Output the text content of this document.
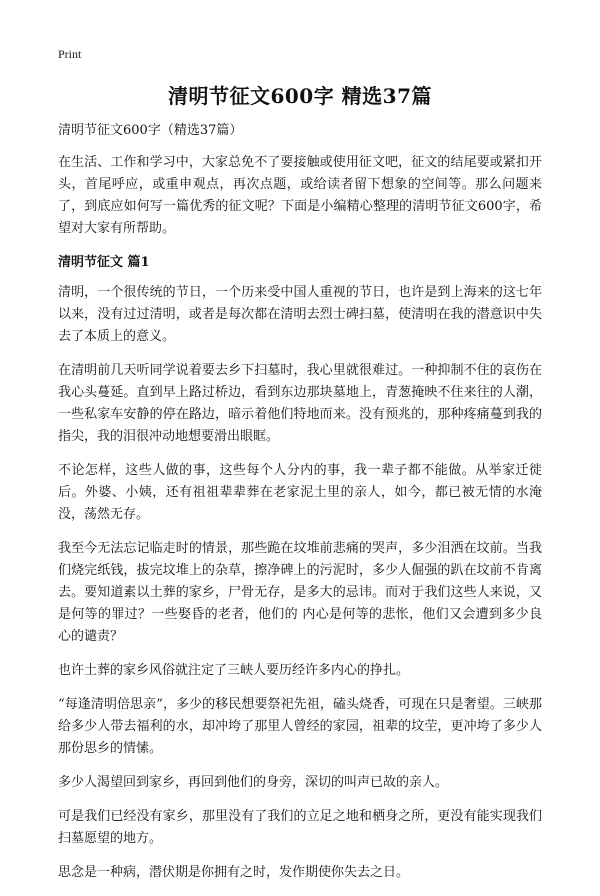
Print
清明节征文600字 精选37篇

清明节征文600字（精选37篇）

在生活、工作和学习中，大家总免不了要接触或使用征文吧，征文的结尾要或紧扣开头，首尾呼应，或重申观点，再次点题，或给读者留下想象的空间等。那么问题来了，到底应如何写一篇优秀的征文呢？下面是小编精心整理的清明节征文600字，希望对大家有所帮助。

清明节征文 篇1

清明，一个很传统的节日，一个历来受中国人重视的节日，也许是到上海来的这七年以来，没有过过清明，或者是每次都在清明去烈士碑扫墓，使清明在我的潜意识中失去了本质上的意义。

在清明前几天听同学说着要去乡下扫墓时，我心里就很难过。一种抑制不住的哀伤在我心头蔓延。直到早上路过桥边，看到东边那块墓地上，青葱掩映不住来往的人潮，一些私家车安静的停在路边，暗示着他们特地而来。没有预兆的，那种疼痛蔓到我的指尖，我的泪很冲动地想要滑出眼眶。

不论怎样，这些人做的事，这些每个人分内的事，我一辈子都不能做。从举家迁徙后。外婆、小姨，还有祖祖辈辈葬在老家泥土里的亲人，如今，都已被无情的水淹没，荡然无存。

我至今无法忘记临走时的情景，那些跪在坟堆前悲痛的哭声，多少泪洒在坟前。当我们烧完纸钱，拔完坟堆上的杂草，擦净碑上的污泥时，多少人倔强的趴在坟前不肯离去。要知道素以土葬的家乡，尸骨无存，是多大的忌讳。而对于我们这些人来说，又是何等的罪过？一些娶昏的老者，他们的 内心是何等的悲怅，他们又会遭到多少良心的谴责？

也许土葬的家乡风俗就注定了三峡人要历经许多内心的挣扎。

“每逢清明倍思亲”，多少的移民想要祭祀先祖，磕头烧香，可现在只是奢望。三峡那给多少人带去福利的水，却冲垮了那里人曾经的家园，祖辈的坟茔，更冲垮了多少人那份思乡的情愫。

多少人渴望回到家乡，再回到他们的身旁，深切的叫声已故的亲人。

可是我们已经没有家乡，那里没有了我们的立足之地和栖身之所，更没有能实现我们扫墓愿望的地方。

思念是一种病，潜伏期是你拥有之时，发作期使你失去之日。
